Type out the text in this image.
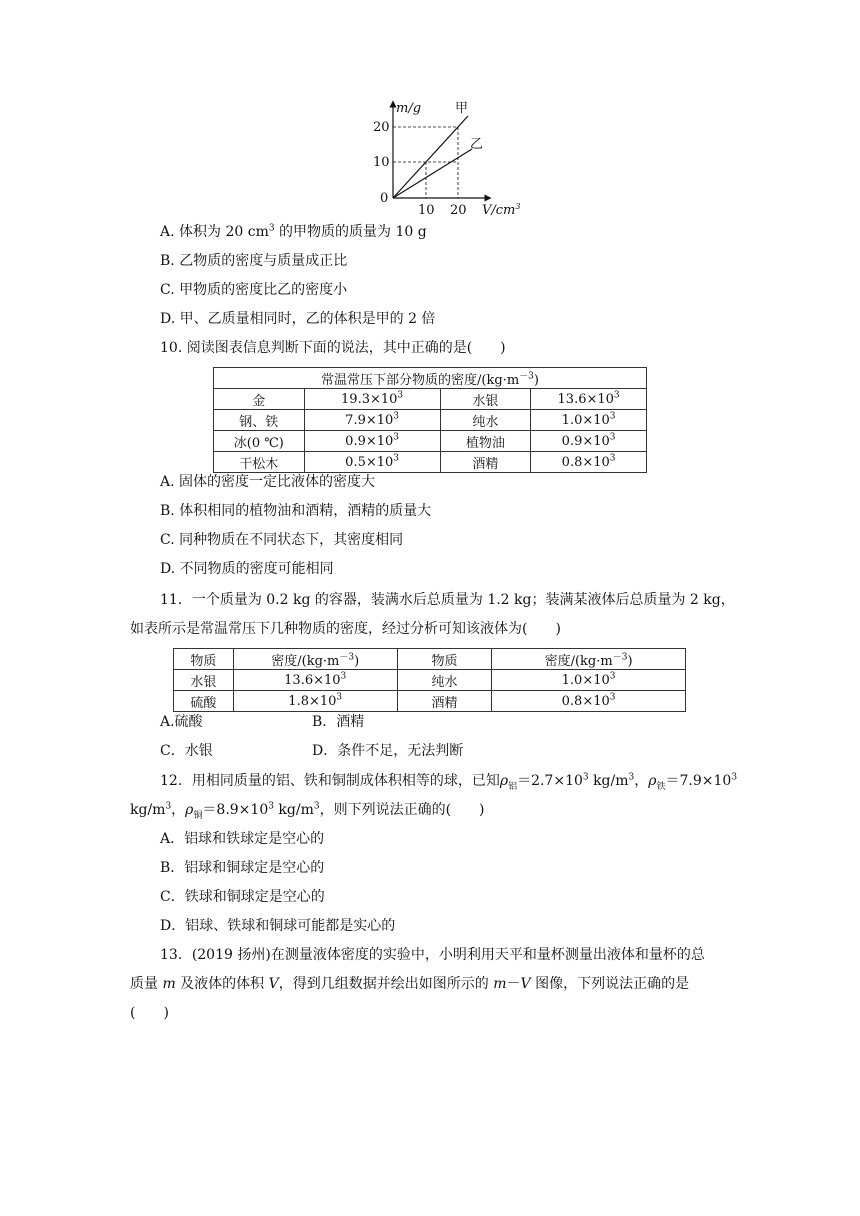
m/g
0
10
20
10 20 $V/cm^3$
甲
乙
A. 体积为 20 $cm^3$ 的甲物质的质量为 10 g
B. 乙物质的密度与质量成正比
C. 甲物质的密度比乙的密度小
D. 甲、乙质量相同时，乙的体积是甲的 2 倍
10. 阅读图表信息判断下面的说法，其中正确的是(　　)
常温常压下部分物质的密度$/(kg\cdot m^{-3})$			
金	$19.3\times 10^3$	水银	$13.6\times 10^3$
钢、铁	$7.9\times 10^3$	纯水	$1.0\times 10^3$
冰(0 ℃)	$0.9\times 10^3$	植物油	$0.9\times 10^3$
干松木	$0.5\times 10^3$	酒精	$0.8\times 10^3$
A. 固体的密度一定比液体的密度大
B. 体积相同的植物油和酒精，酒精的质量大
C. 同种物质在不同状态下，其密度相同
D. 不同物质的密度可能相同
11．一个质量为 0.2 kg 的容器，装满水后总质量为 1.2 kg；装满某液体后总质量为 2 kg，
如表所示是常温常压下几种物质的密度，经过分析可知该液体为(　　)
物质	密度$/(kg\cdot m^{-3})$	物质	密度$/(kg\cdot m^{-3})$
水银	$13.6\times 10^3$	纯水	$1.0\times 10^3$
硫酸	$1.8\times 10^3$	酒精	$0.8\times 10^3$
A.硫酸	B．酒精
C．水银	D．条件不足，无法判断
12．用相同质量的铝、铁和铜制成体积相等的球，已知$\rho_铝=2.7\times 10^3$ $kg/m^3$，$\rho_铁=7.9\times 10^3$
$kg/m^3$，$\rho_铜=8.9\times 10^3$ $kg/m^3$，则下列说法正确的(　　)
A．铝球和铁球定是空心的
B．铝球和铜球定是空心的
C．铁球和铜球定是空心的
D．铝球、铁球和铜球可能都是实心的
13．(2019 扬州)在测量液体密度的实验中，小明利用天平和量杯测量出液体和量杯的总
质量 m 及液体的体积 V，得到几组数据并绘出如图所示的 m－V 图像，下列说法正确的是
(　　)
